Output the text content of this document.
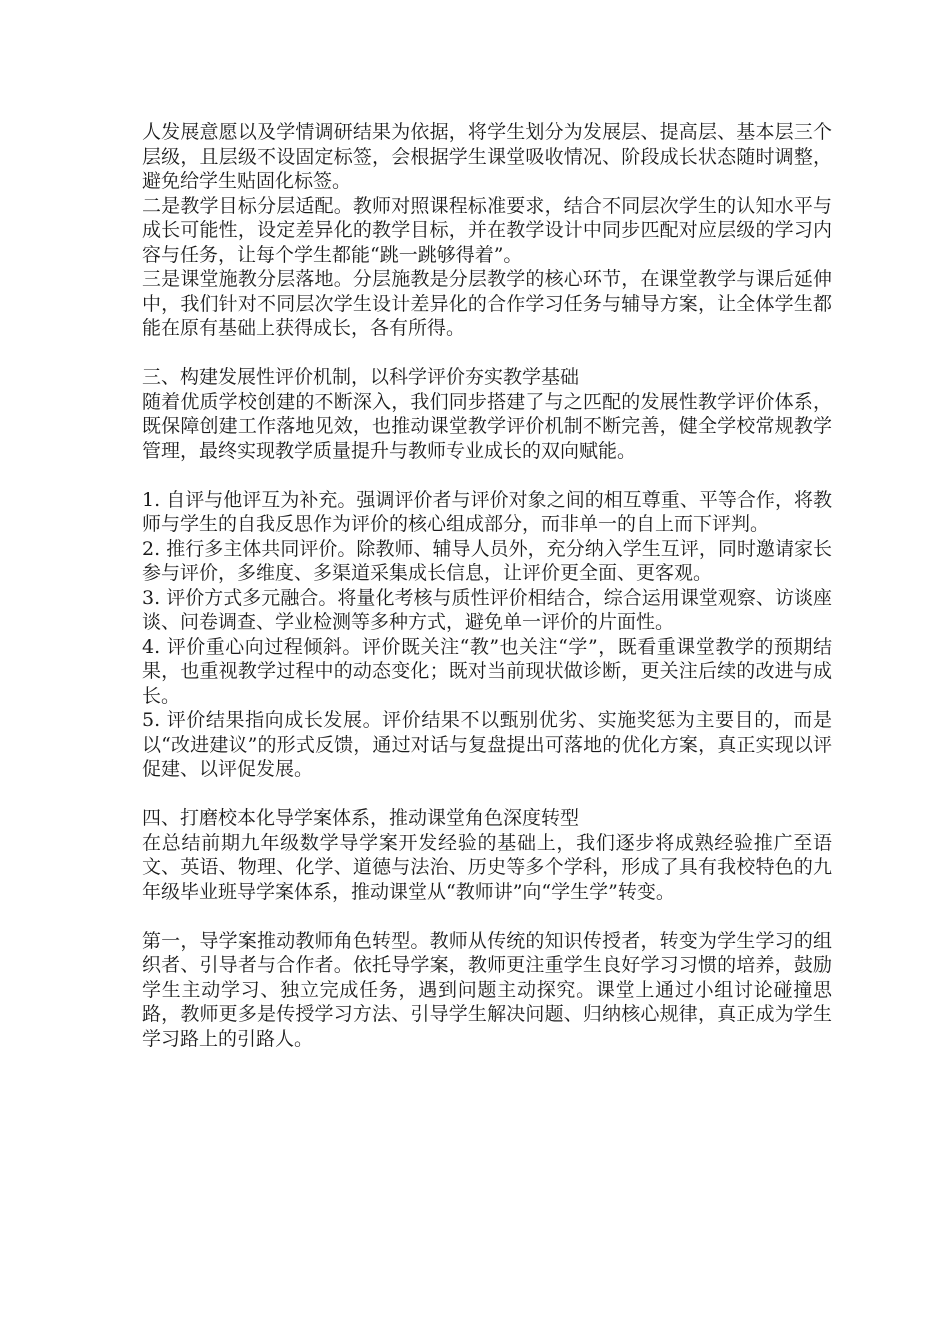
人发展意愿以及学情调研结果为依据，将学生划分为发展层、提高层、基本层三个层级，且层级不设固定标签，会根据学生课堂吸收情况、阶段成长状态随时调整，避免给学生贴固化标签。

二是教学目标分层适配。教师对照课程标准要求，结合不同层次学生的认知水平与成长可能性，设定差异化的教学目标，并在教学设计中同步匹配对应层级的学习内容与任务，让每个学生都能“跳一跳够得着”。

三是课堂施教分层落地。分层施教是分层教学的核心环节，在课堂教学与课后延伸中，我们针对不同层次学生设计差异化的合作学习任务与辅导方案，让全体学生都能在原有基础上获得成长，各有所得。

三、构建发展性评价机制，以科学评价夯实教学基础

随着优质学校创建的不断深入，我们同步搭建了与之匹配的发展性教学评价体系，既保障创建工作落地见效，也推动课堂教学评价机制不断完善，健全学校常规教学管理，最终实现教学质量提升与教师专业成长的双向赋能。

1. 自评与他评互为补充。强调评价者与评价对象之间的相互尊重、平等合作，将教师与学生的自我反思作为评价的核心组成部分，而非单一的自上而下评判。

2. 推行多主体共同评价。除教师、辅导人员外，充分纳入学生互评，同时邀请家长参与评价，多维度、多渠道采集成长信息，让评价更全面、更客观。

3. 评价方式多元融合。将量化考核与质性评价相结合，综合运用课堂观察、访谈座谈、问卷调查、学业检测等多种方式，避免单一评价的片面性。

4. 评价重心向过程倾斜。评价既关注“教”也关注“学”，既看重课堂教学的预期结果，也重视教学过程中的动态变化；既对当前现状做诊断，更关注后续的改进与成长。

5. 评价结果指向成长发展。评价结果不以甄别优劣、实施奖惩为主要目的，而是以“改进建议”的形式反馈，通过对话与复盘提出可落地的优化方案，真正实现以评促建、以评促发展。

四、打磨校本化导学案体系，推动课堂角色深度转型

在总结前期九年级数学导学案开发经验的基础上，我们逐步将成熟经验推广至语文、英语、物理、化学、道德与法治、历史等多个学科，形成了具有我校特色的九年级毕业班导学案体系，推动课堂从“教师讲”向“学生学”转变。

第一，导学案推动教师角色转型。教师从传统的知识传授者，转变为学生学习的组织者、引导者与合作者。依托导学案，教师更注重学生良好学习习惯的培养，鼓励学生主动学习、独立完成任务，遇到问题主动探究。课堂上通过小组讨论碰撞思路，教师更多是传授学习方法、引导学生解决问题、归纳核心规律，真正成为学生学习路上的引路人。
